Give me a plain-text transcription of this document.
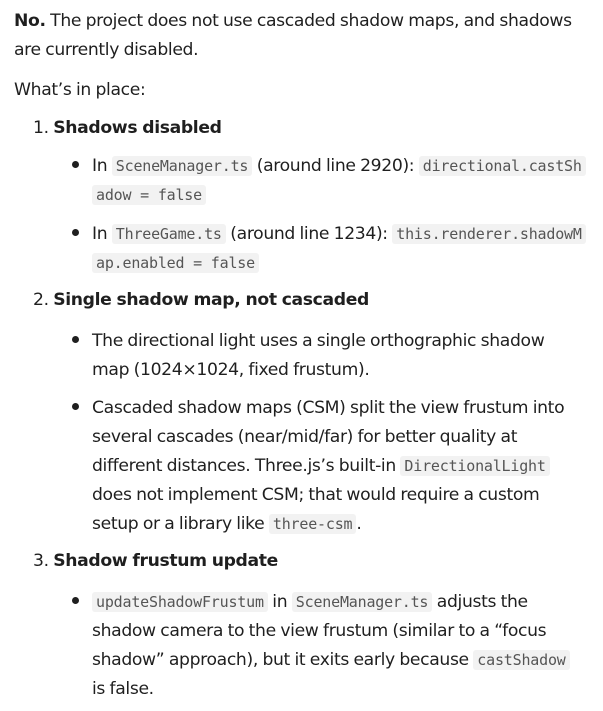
No. The project does not use cascaded shadow maps, and shadows are currently disabled.

What’s in place:

1. Shadows disabled

In SceneManager.ts (around line 2920): directional.castShadow = false

In ThreeGame.ts (around line 1234): this.renderer.shadowMap.enabled = false

2. Single shadow map, not cascaded

The directional light uses a single orthographic shadow map (1024×1024, fixed frustum).

Cascaded shadow maps (CSM) split the view frustum into several cascades (near/mid/far) for better quality at different distances. Three.js’s built-in DirectionalLight does not implement CSM; that would require a custom setup or a library like three-csm .

3. Shadow frustum update

updateShadowFrustum in SceneManager.ts adjusts the shadow camera to the view frustum (similar to a “focus shadow” approach), but it exits early because castShadow is false.
